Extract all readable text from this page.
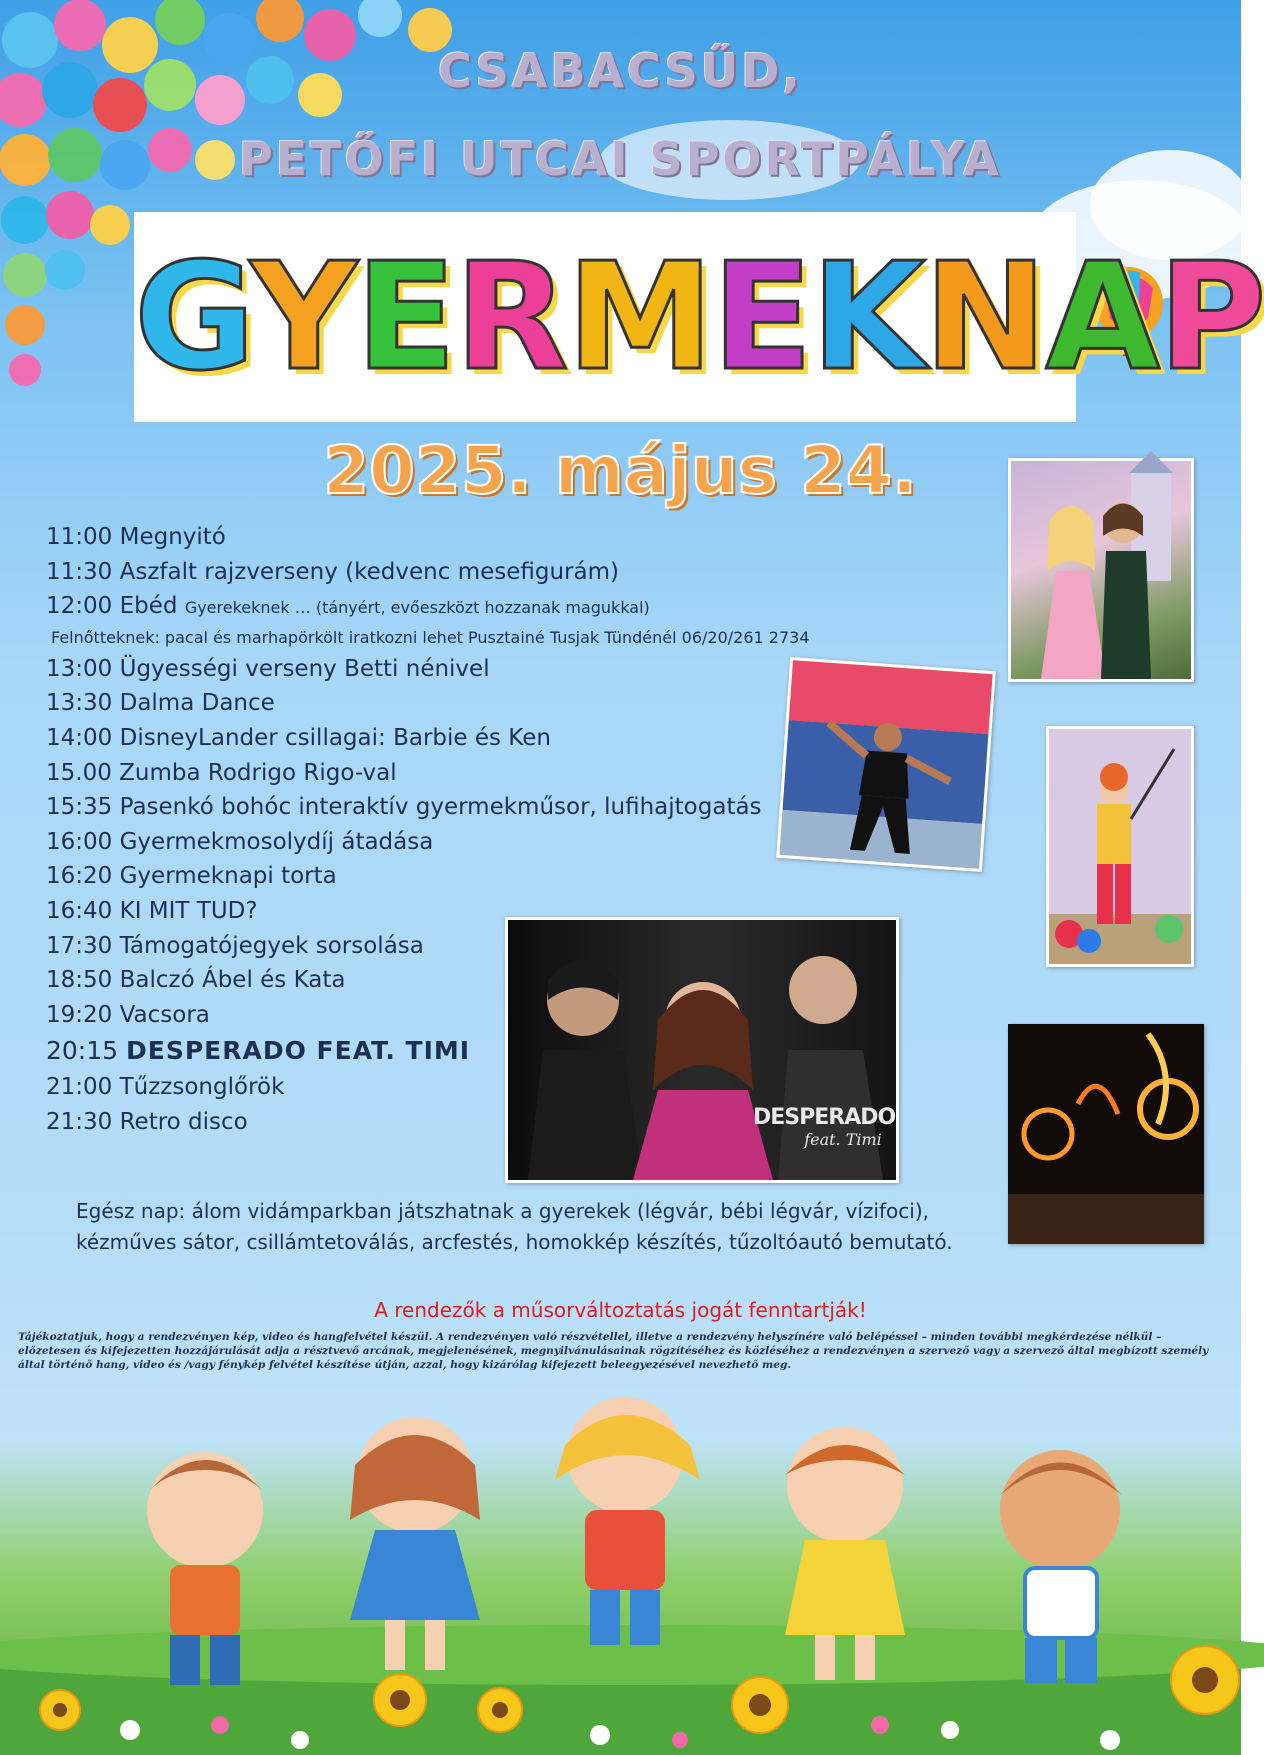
CSABACSŰD,
PETŐFI UTCAI SPORTPÁLYA
GYERMEKNAP
2025. május 24.
11:00 Megnyitó
11:30 Aszfalt rajzverseny (kedvenc mesefigurám)
12:00 Ebéd Gyerekeknek … (tányért, evőeszközt hozzanak magukkal)
Felnőtteknek: pacal és marhapörkölt iratkozni lehet Pusztainé Tusjak Tündénél 06/20/261 2734
13:00 Ügyességi verseny Betti nénivel
13:30 Dalma Dance
14:00 DisneyLander csillagai: Barbie és Ken
15.00 Zumba Rodrigo Rigo-val
15:35 Pasenkó bohóc interaktív gyermekműsor, lufihajtogatás
16:00 Gyermekmosolydíj átadása
16:20 Gyermeknapi torta
16:40 KI MIT TUD?
17:30 Támogatójegyek sorsolása
18:50 Balczó Ábel és Kata
19:20 Vacsora
20:15 DESPERADO FEAT. TIMI
21:00 Tűzzsonglőrök
21:30 Retro disco	DESPERADO
feat. Timi
Egész nap: álom vidámparkban játszhatnak a gyerekek (légvár, bébi légvár, vízifoci),
kézműves sátor, csillámtetoválás, arcfestés, homokkép készítés, tűzoltóautó bemutató.
A rendezők a műsorváltoztatás jogát fenntartják!
Tájékoztatjuk, hogy a rendezvényen kép, video és hangfelvétel készül. A rendezvényen való részvétellel, illetve a rendezvény helyszínére való belépéssel – minden további megkérdezése nélkül – előzetesen és kifejezetten hozzájárulását adja a résztvevő arcának, megjelenésének, megnyilvánulásainak rögzítéséhez és közléséhez a rendezvényen a szervező vagy a szervező által megbízott személy által történő hang, video és /vagy fénykép felvétel készítése útján, azzal, hogy kizárólag kifejezett beleegyezésével nevezhető meg.
